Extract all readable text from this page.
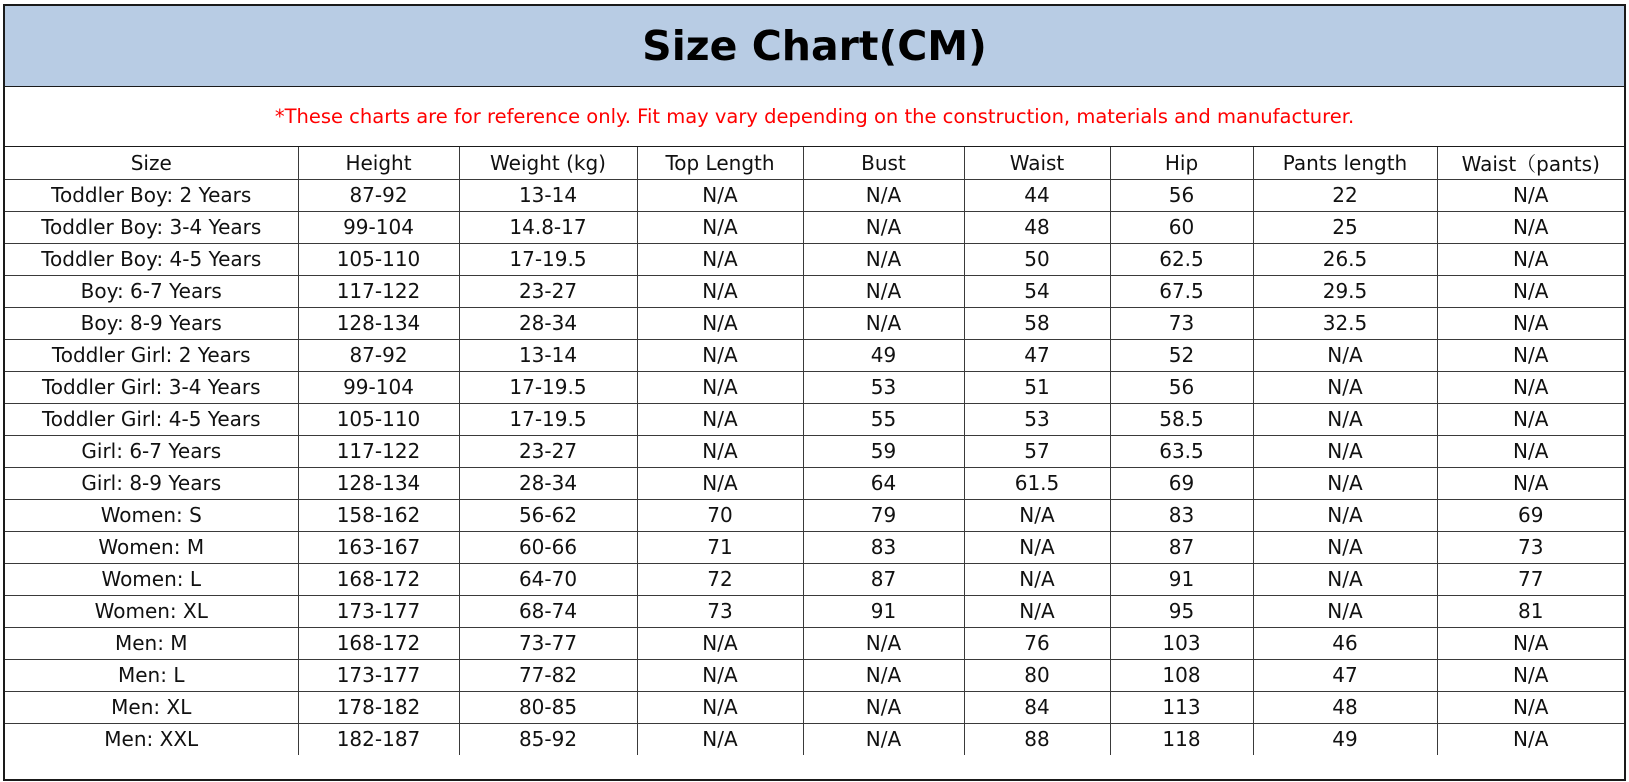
Size Chart(CM)
*These charts are for reference only. Fit may vary depending on the construction, materials and manufacturer.
Size	Height	Weight (kg)	Top Length	Bust	Waist	Hip	Pants length	Waist（pants)
Toddler Boy: 2 Years	87-92	13-14	N/A	N/A	44	56	22	N/A
Toddler Boy: 3-4 Years	99-104	14.8-17	N/A	N/A	48	60	25	N/A
Toddler Boy: 4-5 Years	105-110	17-19.5	N/A	N/A	50	62.5	26.5	N/A
Boy: 6-7 Years	117-122	23-27	N/A	N/A	54	67.5	29.5	N/A
Boy: 8-9 Years	128-134	28-34	N/A	N/A	58	73	32.5	N/A
Toddler Girl: 2 Years	87-92	13-14	N/A	49	47	52	N/A	N/A
Toddler Girl: 3-4 Years	99-104	17-19.5	N/A	53	51	56	N/A	N/A
Toddler Girl: 4-5 Years	105-110	17-19.5	N/A	55	53	58.5	N/A	N/A
Girl: 6-7 Years	117-122	23-27	N/A	59	57	63.5	N/A	N/A
Girl: 8-9 Years	128-134	28-34	N/A	64	61.5	69	N/A	N/A
Women: S	158-162	56-62	70	79	N/A	83	N/A	69
Women: M	163-167	60-66	71	83	N/A	87	N/A	73
Women: L	168-172	64-70	72	87	N/A	91	N/A	77
Women: XL	173-177	68-74	73	91	N/A	95	N/A	81
Men: M	168-172	73-77	N/A	N/A	76	103	46	N/A
Men: L	173-177	77-82	N/A	N/A	80	108	47	N/A
Men: XL	178-182	80-85	N/A	N/A	84	113	48	N/A
Men: XXL	182-187	85-92	N/A	N/A	88	118	49	N/A
